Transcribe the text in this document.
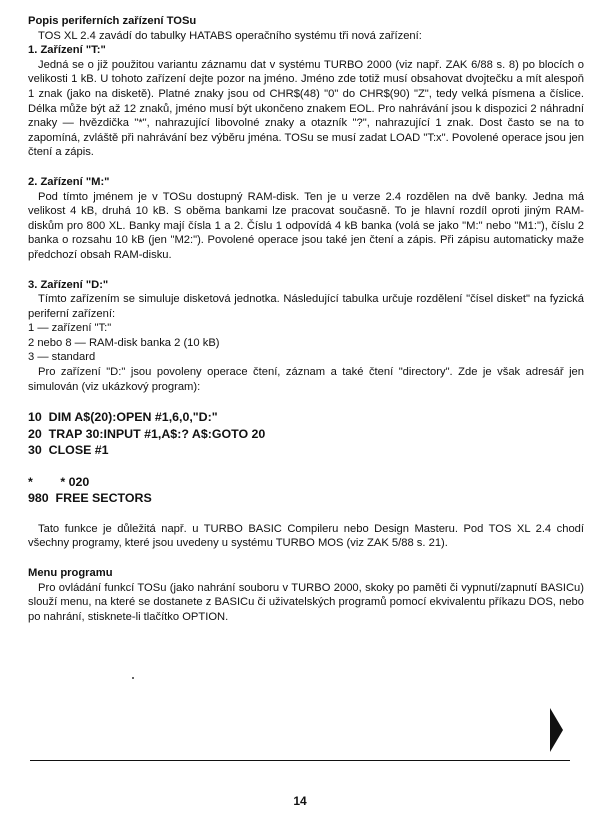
Popis periferních zařízení TOSu

TOS XL 2.4 zavádí do tabulky HATABS operačního systému tři nová zařízení:

1. Zařízení "T:"

Jedná se o již použitou variantu záznamu dat v systému TURBO 2000 (viz např. ZAK 6/88 s. 8) po blocích o velikosti 1 kB. U tohoto zařízení dejte pozor na jméno. Jméno zde totiž musí obsahovat dvojtečku a mít alespoň 1 znak (jako na disketě). Platné znaky jsou od CHR$(48) "0" do CHR$(90) "Z", tedy velká písmena a číslice. Délka může být až 12 znaků, jméno musí být ukončeno znakem EOL. Pro nahrávání jsou k dispozici 2 náhradní znaky — hvězdička "*", nahrazující libovolné znaky a otazník "?", nahrazující 1 znak. Dost často se na to zapomíná, zvláště při nahrávání bez výběru jména. TOSu se musí zadat LOAD "T:x". Povolené operace jsou jen čtení a zápis.

2. Zařízení "M:"

Pod tímto jménem je v TOSu dostupný RAM-disk. Ten je u verze 2.4 rozdělen na dvě banky. Jedna má velikost 4 kB, druhá 10 kB. S oběma bankami lze pracovat současně. To je hlavní rozdíl oproti jiným RAM-diskům pro 800 XL. Banky mají čísla 1 a 2. Číslu 1 odpovídá 4 kB banka (volá se jako "M:" nebo "M1:"), číslu 2 banka o rozsahu 10 kB (jen "M2:"). Povolené operace jsou také jen čtení a zápis. Při zápisu automaticky maže předchozí obsah RAM-disku.

3. Zařízení "D:"

Tímto zařízením se simuluje disketová jednotka. Následující tabulka určuje rozdělení "čísel disket" na fyzická periferní zařízení:

1 — zařízení "T:"

2 nebo 8 — RAM-disk banka 2 (10 kB)

3 — standard

Pro zařízení "D:" jsou povoleny operace čtení, záznam a také čtení "directory". Zde je však adresář jen simulován (viz ukázkový program):

10  DIM A$(20):OPEN #1,6,0,"D:"

20  TRAP 30:INPUT #1,A$:? A$:GOTO 20

30  CLOSE #1

*        * 020

980  FREE SECTORS

Tato funkce je důležitá např. u TURBO BASIC Compileru nebo Design Masteru. Pod TOS XL 2.4 chodí všechny programy, které jsou uvedeny u systému TURBO MOS (viz ZAK 5/88 s. 21).

Menu programu

Pro ovládání funkcí TOSu (jako nahrání souboru v TURBO 2000, skoky po paměti či vypnutí/zapnutí BASICu) slouží menu, na které se dostanete z BASICu či uživatelských programů pomocí ekvivalentu příkazu DOS, nebo po nahrání, stisknete-li tlačítko OPTION.

14
